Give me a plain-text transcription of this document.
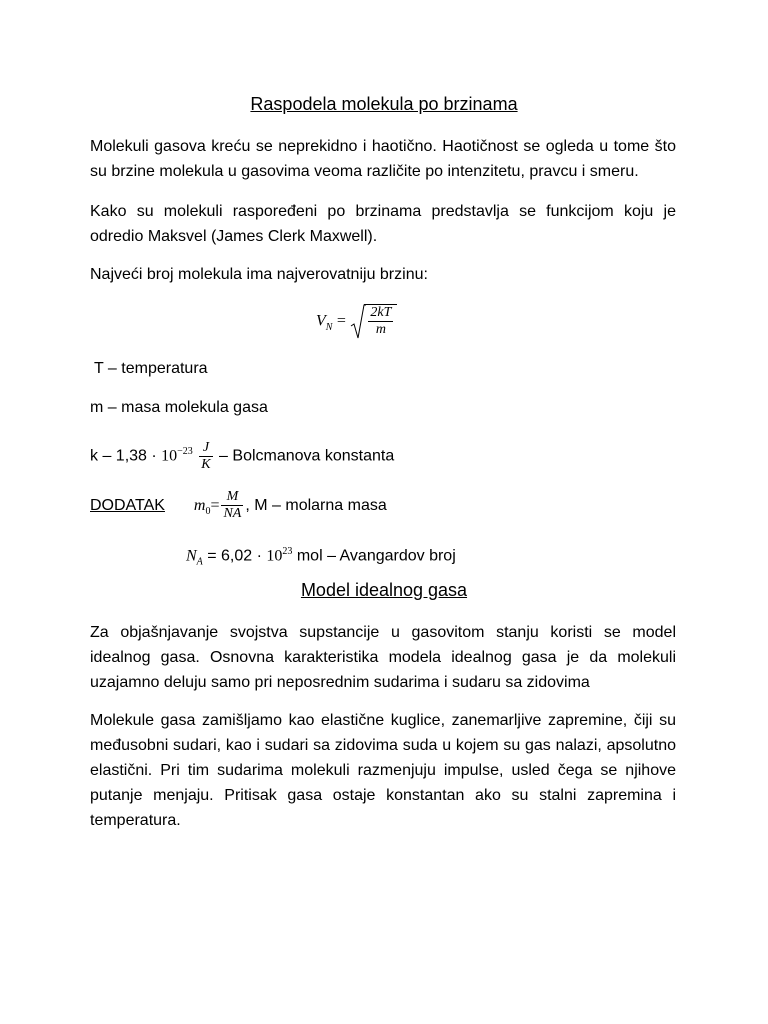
Raspodela molekula po brzinama

Molekuli gasova kreću se neprekidno i haotično. Haotičnost se ogleda u tome što su brzine molekula u gasovima veoma različite po intenzitetu, pravcu i smeru.

Kako su molekuli raspoređeni po brzinama predstavlja se funkcijom koju je odredio Maksvel (James Clerk Maxwell).

Najveći broj molekula ima najverovatniju brzinu:

$V_N = \frac{2kT}{m}$

T – temperatura

m – masa molekula gasa

$k - 1,38 \cdot 10^{-23} \frac{J}{K}$ – Bolcmanova konstanta
DODATAK $m_0= \frac{M}{NA}$ , M – molarna masa
$N_A = 6,02 \cdot 10^{23}$ mol – Avangardov broj
Model idealnog gasa

Za objašnjavanje svojstva supstancije u gasovitom stanju koristi se model idealnog gasa. Osnovna karakteristika modela idealnog gasa je da molekuli uzajamno deluju samo pri neposrednim sudarima i sudaru sa zidovima

Molekule gasa zamišljamo kao elastične kuglice, zanemarljive zapremine, čiji su međusobni sudari, kao i sudari sa zidovima suda u kojem su gas nalazi, apsolutno elastični. Pri tim sudarima molekuli razmenjuju impulse, usled čega se njihove putanje menjaju. Pritisak gasa ostaje konstantan ako su stalni zapremina i temperatura.
